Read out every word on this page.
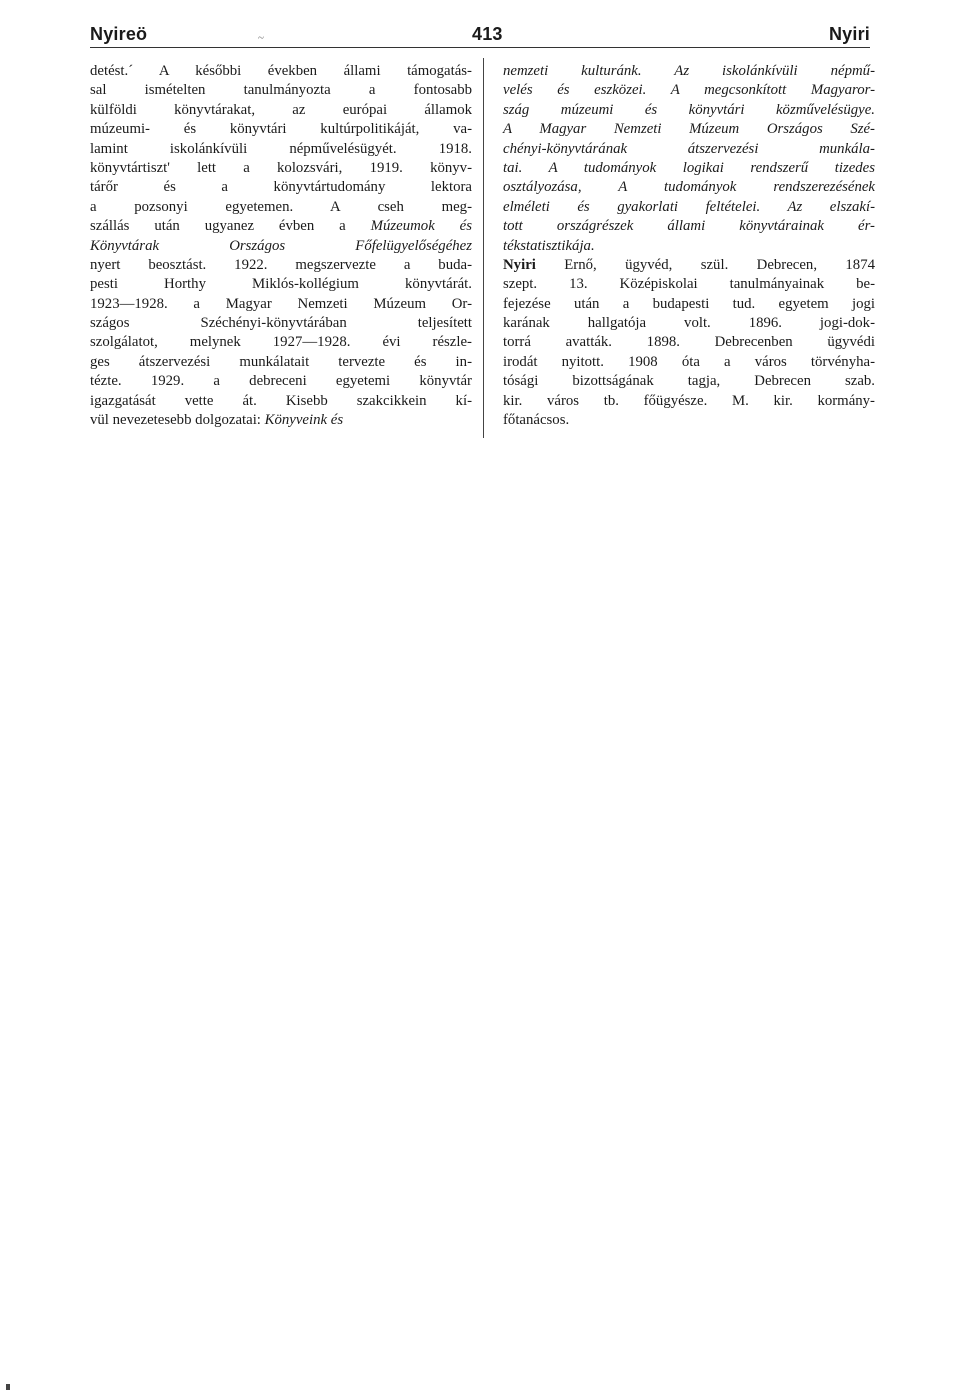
Nyireö	~	413	Nyiri
detést.´ A későbbi években állami támogatás-
sal ismételten tanulmányozta a fontosabb
külföldi könyvtárakat, az európai államok
múzeumi- és könyvtári kultúrpolitikáját, va-
lamint iskolánkívüli népművelésügyét. 1918.
könyvtártiszt' lett a kolozsvári, 1919. könyv-
tárőr és a könyvtártudomány lektora
a pozsonyi egyetemen. A cseh meg-
szállás után ugyanez évben a Múzeumok és
Könyvtárak Országos Főfelügyelőségéhez
nyert beosztást. 1922. megszervezte a buda-
pesti Horthy Miklós-kollégium könyvtárát.
1923—1928. a Magyar Nemzeti Múzeum Or-
szágos Széchényi-könyvtárában teljesített
szolgálatot, melynek 1927—1928. évi részle-
ges átszervezési munkálatait tervezte és in-
tézte. 1929. a debreceni egyetemi könyvtár
igazgatását vette át. Kisebb szakcikkein kí-
vül nevezetesebb dolgozatai: Könyveink és
nemzeti kulturánk. Az iskolánkívüli népmű-
velés és eszközei. A megcsonkított Magyaror-
szág múzeumi és könyvtári közművelésügye.
A Magyar Nemzeti Múzeum Országos Szé-
chényi-könyvtárának átszervezési munkála-
tai. A tudományok logikai rendszerű tizedes
osztályozása, A tudományok rendszerezésének
elméleti és gyakorlati feltételei. Az elszakí-
tott országrészek állami könyvtárainak ér-
tékstatisztikája.
Nyiri Ernő, ügyvéd, szül. Debrecen, 1874
szept. 13. Középiskolai tanulmányainak be-
fejezése után a budapesti tud. egyetem jogi
karának hallgatója volt. 1896. jogi-dok-
torrá avatták. 1898. Debrecenben ügyvédi
irodát nyitott. 1908 óta a város törvényha-
tósági bizottságának tagja, Debrecen szab.
kir. város tb. főügyésze. M. kir. kormány-
főtanácsos.
